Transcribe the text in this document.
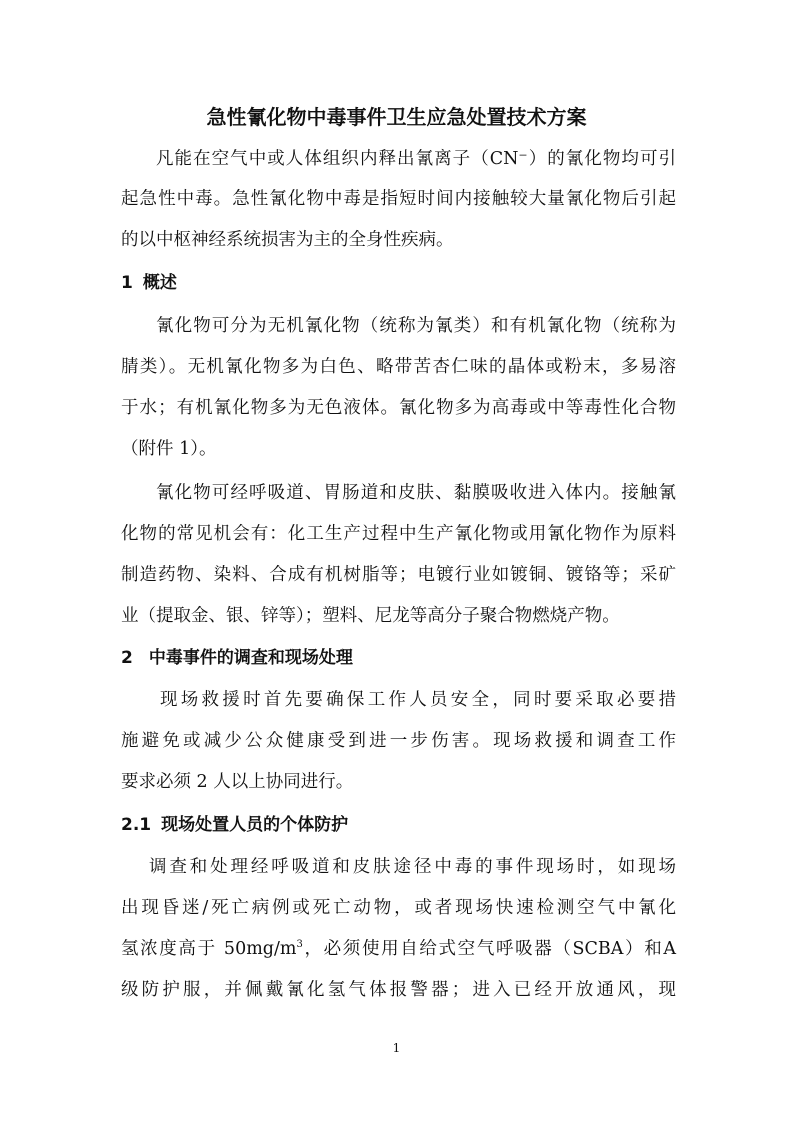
急性氰化物中毒事件卫生应急处置技术方案
凡能在空气中或人体组织内释出氰离子（CN⁻）的氰化物均可引
起急性中毒。急性氰化物中毒是指短时间内接触较大量氰化物后引起
的以中枢神经系统损害为主的全身性疾病。
1 概述
氰化物可分为无机氰化物（统称为氰类）和有机氰化物（统称为
腈类）。无机氰化物多为白色、略带苦杏仁味的晶体或粉末，多易溶
于水；有机氰化物多为无色液体。氰化物多为高毒或中等毒性化合物
（附件 1）。
氰化物可经呼吸道、胃肠道和皮肤、黏膜吸收进入体内。接触氰
化物的常见机会有：化工生产过程中生产氰化物或用氰化物作为原料
制造药物、染料、合成有机树脂等；电镀行业如镀铜、镀铬等；采矿
业（提取金、银、锌等）；塑料、尼龙等高分子聚合物燃烧产物。
2 中毒事件的调查和现场处理
现场救援时首先要确保工作人员安全，同时要采取必要措
施避免或减少公众健康受到进一步伤害。现场救援和调查工作
要求必须 2 人以上协同进行。
2.1 现场处置人员的个体防护
调查和处理经呼吸道和皮肤途径中毒的事件现场时，如现场
出现昏迷/死亡病例或死亡动物，或者现场快速检测空气中氰化
氢浓度高于 $50mg/m^3$，必须使用自给式空气呼吸器（SCBA）和A
级防护服，并佩戴氰化氢气体报警器；进入已经开放通风，现
1
